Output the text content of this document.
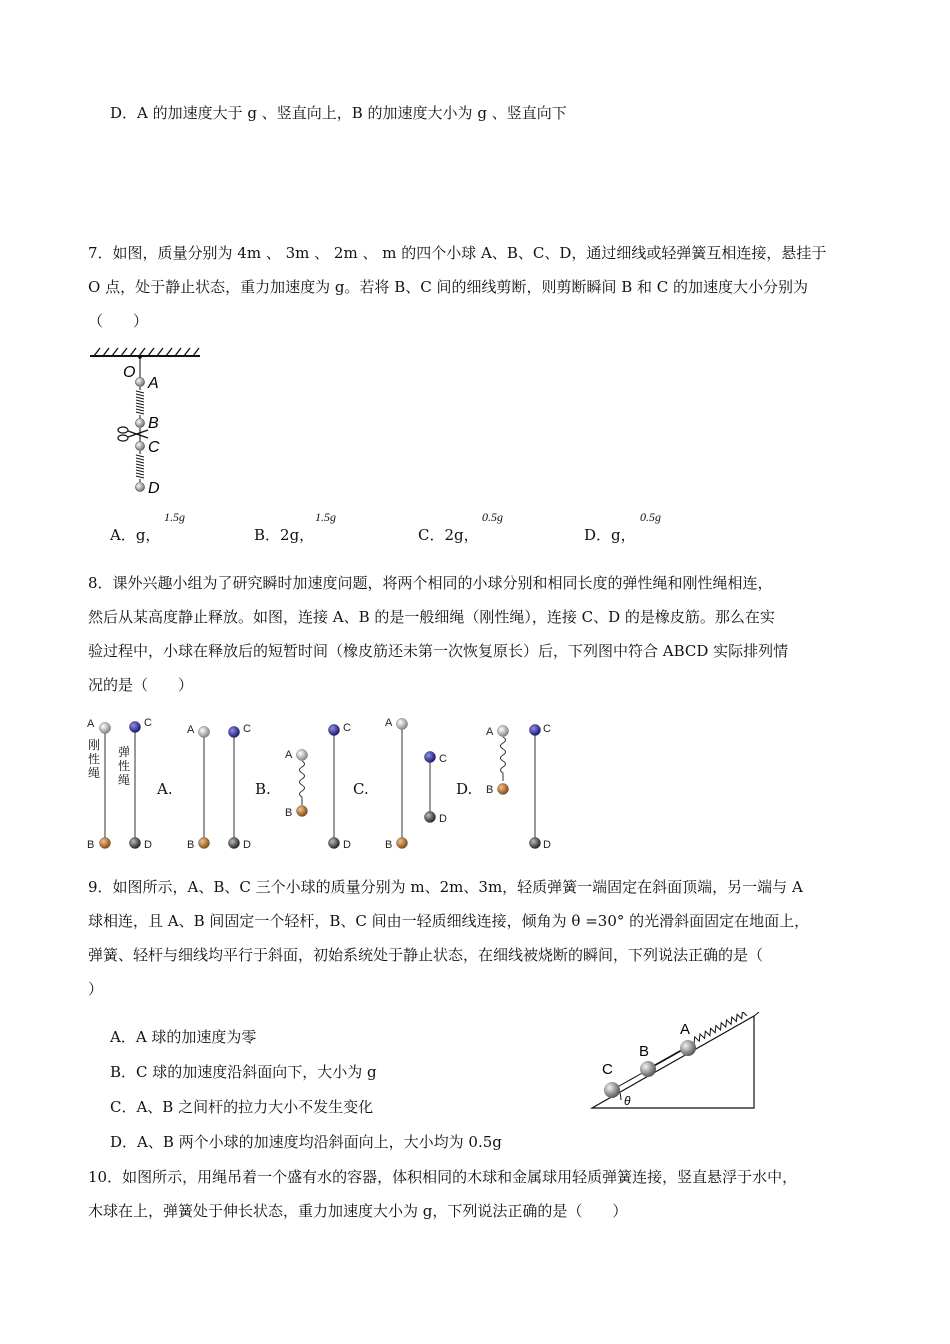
D．A 的加速度大于 g 、竖直向上，B 的加速度大小为 g 、竖直向下

7．如图，质量分别为 4m 、 3m 、 2m 、 m 的四个小球 A、B、C、D，通过细线或轻弹簧互相连接，悬挂于

O 点，处于静止状态，重力加速度为 g。若将 B、C 间的细线剪断，则剪断瞬间 B 和 C 的加速度大小分别为

（　　）

O
A
B
C
D
A．g，
1.5g
B．2g，
1.5g
C．2g，
0.5g
D．g，
0.5g

8．课外兴趣小组为了研究瞬时加速度问题，将两个相同的小球分别和相同长度的弹性绳和刚性绳相连，

然后从某高度静止释放。如图，连接 A、B 的是一般细绳（刚性绳），连接 C、D 的是橡皮筋。那么在实

验过程中，小球在释放后的短暂时间（橡皮筋还未第一次恢复原长）后，下列图中符合 ABCD 实际排列情

况的是（　　）

A
B
C
D
A
B
C
D
A
B
C
D
A
B
C
D
A
B
C
D
刚性绳
弹性绳 A.	B.	C.	D.

9．如图所示，A、B、C 三个小球的质量分别为 m、2m、3m，轻质弹簧一端固定在斜面顶端，另一端与 A

球相连，且 A、B 间固定一个轻杆，B、C 间由一轻质细线连接，倾角为 θ =30° 的光滑斜面固定在地面上，

弹簧、轻杆与细线均平行于斜面，初始系统处于静止状态，在细线被烧断的瞬间，下列说法正确的是（

）

A．A 球的加速度为零
B．C 球的加速度沿斜面向下，大小为 g
C．A、B 之间杆的拉力大小不发生变化
D．A、B 两个小球的加速度均沿斜面向上，大小均为 0.5g
A
B
C
θ

10．如图所示，用绳吊着一个盛有水的容器，体积相同的木球和金属球用轻质弹簧连接，竖直悬浮于水中，

木球在上，弹簧处于伸长状态，重力加速度大小为 g，下列说法正确的是（　　）
